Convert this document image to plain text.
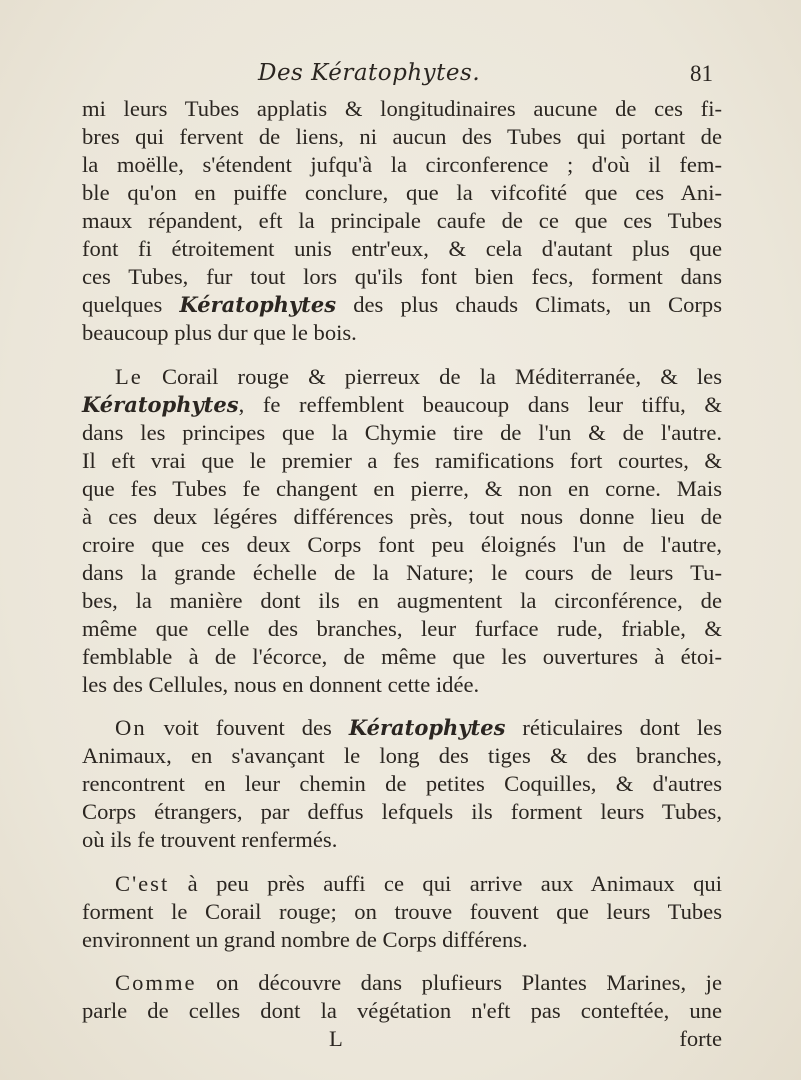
Des Kératophytes.	81
mi leurs Tubes applatis & longitudinaires aucune de ces fi-
bres qui fervent de liens, ni aucun des Tubes qui portant de
la moëlle, s'étendent jufqu'à la circonference ; d'où il fem-
ble qu'on en puiffe conclure, que la vifcofité que ces Ani-
maux répandent, eft la principale caufe de ce que ces Tubes
font fi étroitement unis entr'eux, & cela d'autant plus que
ces Tubes, fur tout lors qu'ils font bien fecs, forment dans
quelques Kératophytes des plus chauds Climats, un Corps
beaucoup plus dur que le bois.
Le Corail rouge & pierreux de la Méditerranée, & les
Kératophytes, fe reffemblent beaucoup dans leur tiffu, &
dans les principes que la Chymie tire de l'un & de l'autre.
Il eft vrai que le premier a fes ramifications fort courtes, &
que fes Tubes fe changent en pierre, & non en corne. Mais
à ces deux légéres différences près, tout nous donne lieu de
croire que ces deux Corps font peu éloignés l'un de l'autre,
dans la grande échelle de la Nature; le cours de leurs Tu-
bes, la manière dont ils en augmentent la circonférence, de
même que celle des branches, leur furface rude, friable, &
femblable à de l'écorce, de même que les ouvertures à étoi-
les des Cellules, nous en donnent cette idée.
On voit fouvent des Kératophytes réticulaires dont les
Animaux, en s'avançant le long des tiges & des branches,
rencontrent en leur chemin de petites Coquilles, & d'autres
Corps étrangers, par deffus lefquels ils forment leurs Tubes,
où ils fe trouvent renfermés.
C'est à peu près auffi ce qui arrive aux Animaux qui
forment le Corail rouge; on trouve fouvent que leurs Tubes
environnent un grand nombre de Corps différens.
Comme on découvre dans plufieurs Plantes Marines, je
parle de celles dont la végétation n'eft pas conteftée, une
L	forte
